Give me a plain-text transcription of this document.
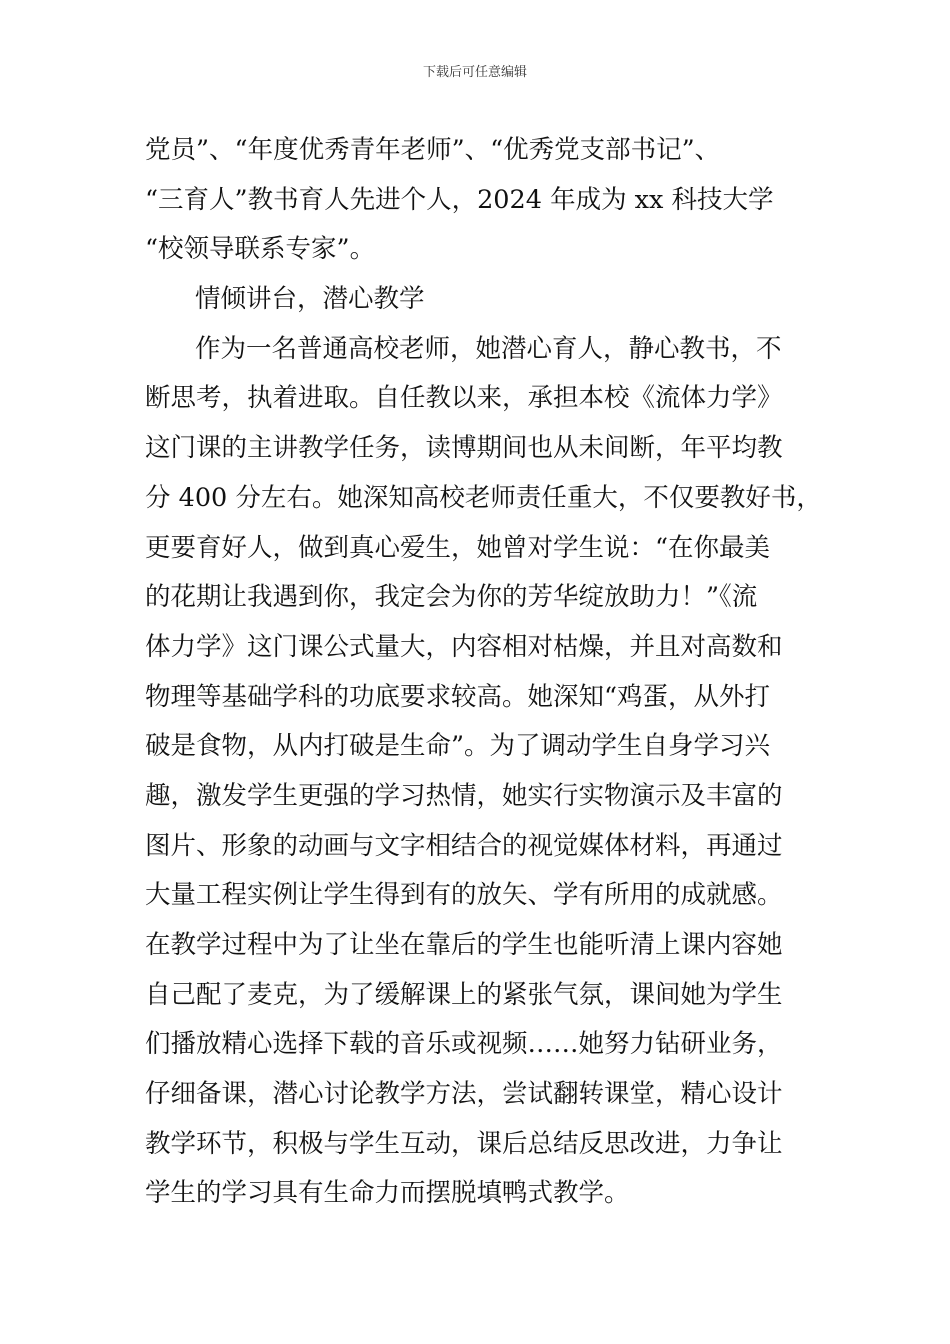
下载后可任意编辑
党员”、“年度优秀青年老师”、“优秀党支部书记”、
“三育人”教书育人先进个人，2024 年成为 xx 科技大学
“校领导联系专家”。
情倾讲台，潜心教学
作为一名普通高校老师，她潜心育人，静心教书，不
断思考，执着进取。自任教以来，承担本校《流体力学》
这门课的主讲教学任务，读博期间也从未间断，年平均教
分 400 分左右。她深知高校老师责任重大，不仅要教好书，
更要育好人，做到真心爱生，她曾对学生说：“在你最美
的花期让我遇到你，我定会为你的芳华绽放助力！”《流
体力学》这门课公式量大，内容相对枯燥，并且对高数和
物理等基础学科的功底要求较高。她深知“鸡蛋，从外打
破是食物，从内打破是生命”。为了调动学生自身学习兴
趣，激发学生更强的学习热情，她实行实物演示及丰富的
图片、形象的动画与文字相结合的视觉媒体材料，再通过
大量工程实例让学生得到有的放矢、学有所用的成就感。
在教学过程中为了让坐在靠后的学生也能听清上课内容她
自己配了麦克，为了缓解课上的紧张气氛，课间她为学生
们播放精心选择下载的音乐或视频……她努力钻研业务，
仔细备课，潜心讨论教学方法，尝试翻转课堂，精心设计
教学环节，积极与学生互动，课后总结反思改进，力争让
学生的学习具有生命力而摆脱填鸭式教学。
